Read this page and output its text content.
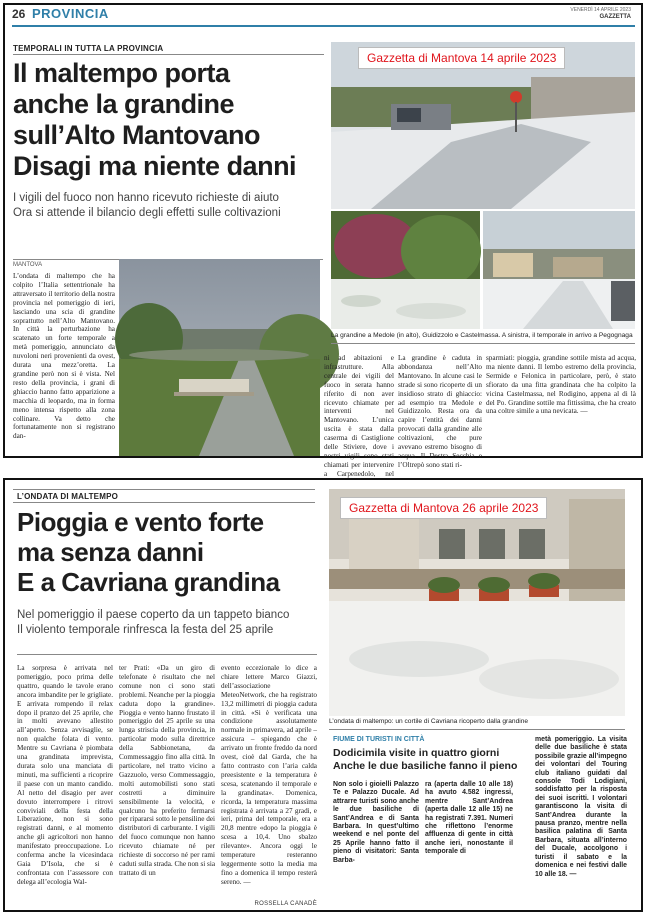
26 PROVINCIA	VENERDÌ 14 APRILE 2023
GAZZETTA
TEMPORALI IN TUTTA LA PROVINCIA
Il maltempo porta
anche la grandine
sull’Alto Mantovano
Disagi ma niente danni
I vigili del fuoco non hanno ricevuto richieste di aiuto
Ora si attende il bilancio degli effetti sulle coltivazioni
MANTOVA
L’ondata di maltempo che ha colpito l’Italia settentrionale ha attraversato il territorio della nostra provincia nel pomeriggio di ieri, lasciando una scia di grandine soprattutto nell’Alto Mantovano. In città la perturbazione ha scatenato un forte temporale a metà pomeriggio, annunciato da nuvoloni neri provenienti da ovest, durata una mezz’oretta. La grandine però non si è vista. Nel resto della provincia, i grani di ghiaccio hanno fatto apparizione a macchia di leopardo, ma in forma meno intensa rispetto alla zona collinare. Va detto che fortunatamente non si registrano dan-
ni ad abitazioni e infrastrutture. Alla centrale dei vigili del fuoco in serata hanno riferito di non aver ricevuto chiamate per interventi nel Mantovano. L’unica uscita è stata dalla caserma di Castiglione delle Stiviere, dove i nostri vigili sono stati chiamati per intervenire a Carpenedolo, nel
La grandine è caduta in abbondanza nell’Alto Mantovano. In alcune casi le strade si sono ricoperte di un insidioso strato di ghiaccio: ad esempio tra Medole e Guidizzolo. Resta ora da capire l’entità dei danni provocati dalla grandine alle coltivazioni, che pure avevano estremo bisogno di acqua. Il Destra Secchia e l’Oltrepò sono stati ri-
sparmiati: pioggia, grandine sottile mista ad acqua, ma niente danni. Il lembo estremo della provincia, Sermide e Felonica in particolare, però, è stato sfiorato da una fitta grandinata che ha colpito la vicina Castelmassa, nel Rodigino, appena al di là del Po. Grandine sottile ma fittissima, che ha creato una coltre simile a una nevicata. —
Gazzetta di Mantova 14 aprile 2023
La grandine a Medole (in alto), Guidizzolo e Castelmassa. A sinistra, il temporale in arrivo a Pegognaga
L’ONDATA DI MALTEMPO
Pioggia e vento forte
ma senza danni
E a Cavriana grandina
Nel pomeriggio il paese coperto da un tappeto bianco
Il violento temporale rinfresca la festa del 25 aprile
La sorpresa è arrivata nel pomeriggio, poco prima delle quattro, quando le tavole erano ancora imbandite per le grigliate. E arrivata rompendo il relax dopo il pranzo del 25 aprile, che in molti avevano allestito all’aperto. Senza avvisaglie, se non qualche folata di vento. Mentre su Cavriana è piombata una grandinata imprevista, durata solo una manciata di minuti, ma sufficienti a ricoprire il paese con un manto candido. Al netto del disagio per aver dovuto interrompere i ritrovi conviviali della festa della Liberazione, non si sono registrati danni, e al momento anche gli agricoltori non hanno manifestato preoccupazione. Lo conferma anche la vicesindaca Gaia D’Isola, che si è confrontata con l’assessore con delega all’ecologia Wal-
ter Prati: «Da un giro di telefonate è risultato che nel comune non ci sono stati problemi. Neanche per la pioggia caduta dopo la grandine». Pioggia e vento hanno frustato il pomeriggio del 25 aprile su una lunga striscia della provincia, in particolar modo sulla direttrice della Sabbionetana, da Commessaggio fino alla città. In particolare, nel tratto vicino a Gazzuolo, verso Commessaggio, molti automobilisti sono stati costretti a diminuire sensibilmente la velocità, e qualcuno ha preferito fermarsi per ripararsi sotto le pensiline dei distributori di carburante. I vigili del fuoco comunque non hanno ricevuto chiamate né per richieste di soccorso né per rami caduti sulla strada. Che non si sia trattato di un
evento eccezionale lo dice a chiare lettere Marco Giazzi, dell’associazione MeteoNetwork, che ha registrato 13,2 millimetri di pioggia caduta in città. «Si è verificata una condizione assolutamente normale in primavera, ad aprile – assicura – spiegando che è arrivato un fronte freddo da nord ovest, cioè dal Garda, che ha fatto contrasto con l’aria calda preesistente e la temperatura è scesa, scatenando il temporale e la grandinata». Domenica, ricorda, la temperatura massima registrata è arrivata a 27 gradi, e ieri, prima del temporale, era a 20,8 mentre «dopo la pioggia è scesa a 10,4. Uno sbalzo rilevante». Ancora oggi le temperature resteranno leggermente sotto la media ma fino a domenica il tempo resterà sereno. —
ROSSELLA CANADÈ
Gazzetta di Mantova 26 aprile 2023
L’ondata di maltempo: un cortile di Cavriana ricoperto dalla grandine
FIUME DI TURISTI IN CITTÀ
Dodicimila visite in quattro giorni
Anche le due basiliche fanno il pieno
Non solo i gioielli Palazzo Te e Palazzo Ducale. Ad attrarre turisti sono anche le due basiliche di Sant’Andrea e di Santa Barbara. In quest’ultimo weekend e nel ponte del 25 Aprile hanno fatto il pieno di visitatori: Santa Barba-
ra (aperta dalle 10 alle 18) ha avuto 4.582 ingressi, mentre Sant’Andrea (aperta dalle 12 alle 15) ne ha registrati 7.391. Numeri che riflettono l’enorme affluenza di gente in città anche ieri, nonostante il temporale di
metà pomeriggio. La visita delle due basiliche è stata possibile grazie all’impegno dei volontari del Touring club italiano guidati dal console Todi Lodigiani, soddisfatto per la risposta dei suoi iscritti. I volontari garantiscono la visita di Sant’Andrea durante la pausa pranzo, mentre nella basilica palatina di Santa Barbara, situata all’interno del Ducale, accolgono i turisti il sabato e la domenica e nei festivi dalle 10 alle 18. —
